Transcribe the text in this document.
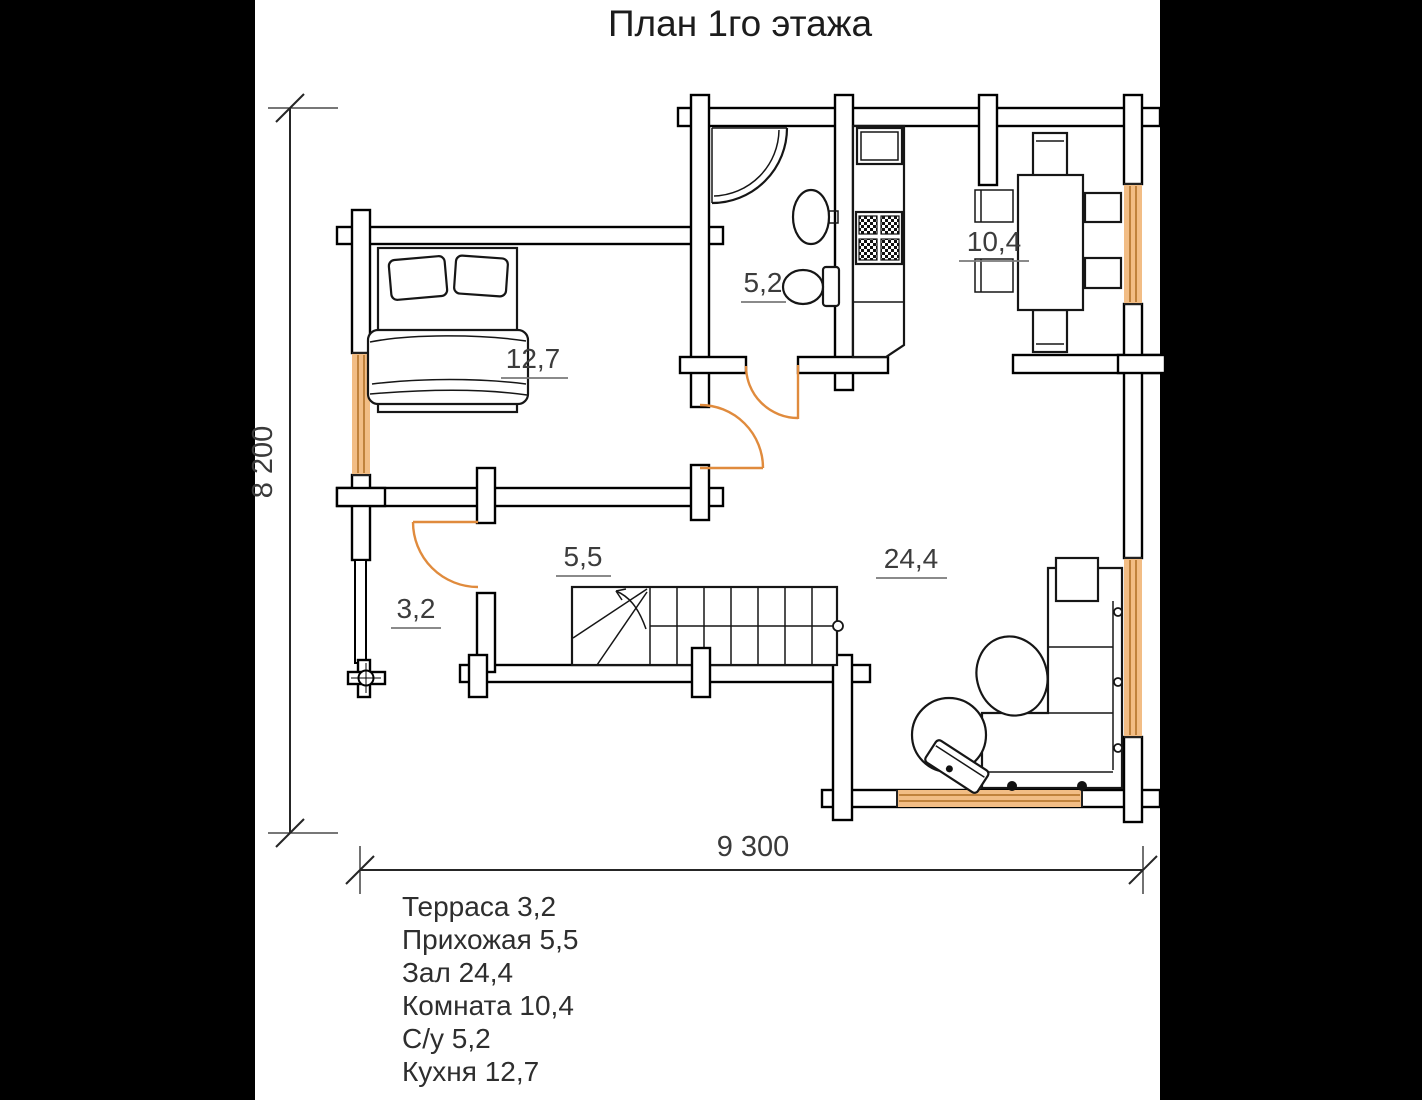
План 1го этажа
8 200
9 300
12,7
5,2
10,4
5,5	24,4
3,2
Терраса 3,2
Прихожая 5,5
Зал 24,4
Комната 10,4
С/у 5,2
Кухня 12,7
